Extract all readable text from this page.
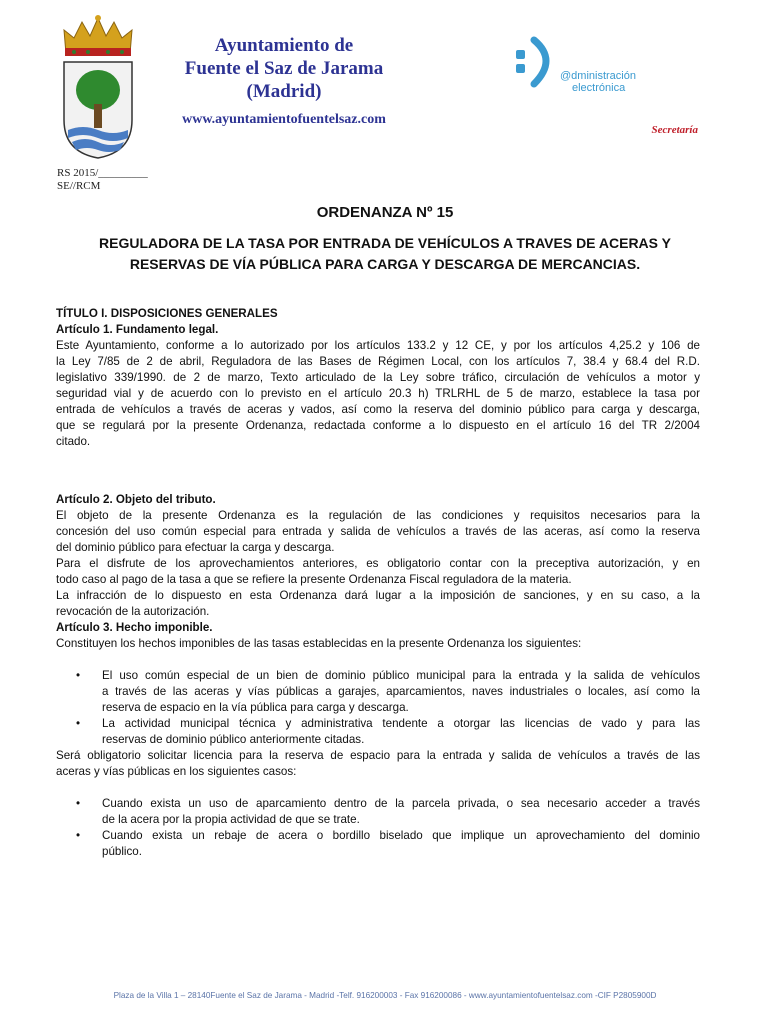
Ayuntamiento de
Fuente el Saz de Jarama
(Madrid)
www.ayuntamientofuentelsaz.com
@dministración
electrónica
Secretaría
RS 2015/_________
SE//RCM
ORDENANZA Nº 15
REGULADORA DE LA TASA POR ENTRADA DE VEHÍCULOS A TRAVES DE ACERAS Y
RESERVAS DE VÍA PÚBLICA PARA CARGA Y DESCARGA DE MERCANCIAS.

TÍTULO I. DISPOSICIONES GENERALES

Artículo 1. Fundamento legal.

Este Ayuntamiento, conforme a lo autorizado por los artículos 133.2 y 12 CE, y por los artículos 4,25.2 y 106 de
la Ley 7/85 de 2 de abril, Reguladora de las Bases de Régimen Local, con los artículos 7, 38.4 y 68.4 del R.D.
legislativo 339/1990. de 2 de marzo, Texto articulado de la Ley sobre tráfico, circulación de vehículos a motor y
seguridad vial y de acuerdo con lo previsto en el artículo 20.3 h) TRLRHL de 5 de marzo, establece la tasa por
entrada de vehículos a través de aceras y vados, así como la reserva del dominio público para carga y descarga,
que se regulará por la presente Ordenanza, redactada conforme a lo dispuesto en el artículo 16 del TR 2/2004
citado.

Artículo 2. Objeto del tributo.

El objeto de la presente Ordenanza es la regulación de las condiciones y requisitos necesarios para la
concesión del uso común especial para entrada y salida de vehículos a través de las aceras, así como la reserva
del dominio público para efectuar la carga y descarga.

Para el disfrute de los aprovechamientos anteriores, es obligatorio contar con la preceptiva autorización, y en
todo caso al pago de la tasa a que se refiere la presente Ordenanza Fiscal reguladora de la materia.

La infracción de lo dispuesto en esta Ordenanza dará lugar a la imposición de sanciones, y en su caso, a la
revocación de la autorización.

Artículo 3. Hecho imponible.

Constituyen los hechos imponibles de las tasas establecidas en la presente Ordenanza los siguientes:

• El uso común especial de un bien de dominio público municipal para la entrada y la salida de vehículos
a través de las aceras y vías públicas a garajes, aparcamientos, naves industriales o locales, así como la
reserva de espacio en la vía pública para carga y descarga.
• La actividad municipal técnica y administrativa tendente a otorgar las licencias de vado y para las
reservas de dominio público anteriormente citadas.

Será obligatorio solicitar licencia para la reserva de espacio para la entrada y salida de vehículos a través de las
aceras y vías públicas en los siguientes casos:

• Cuando exista un uso de aparcamiento dentro de la parcela privada, o sea necesario acceder a través
de la acera por la propia actividad de que se trate.
• Cuando exista un rebaje de acera o bordillo biselado que implique un aprovechamiento del dominio
público.
Plaza de la Villa 1 – 28140Fuente el Saz de Jarama - Madrid -Telf. 916200003 - Fax 916200086 - www.ayuntamientofuentelsaz.com -CIF P2805900D
